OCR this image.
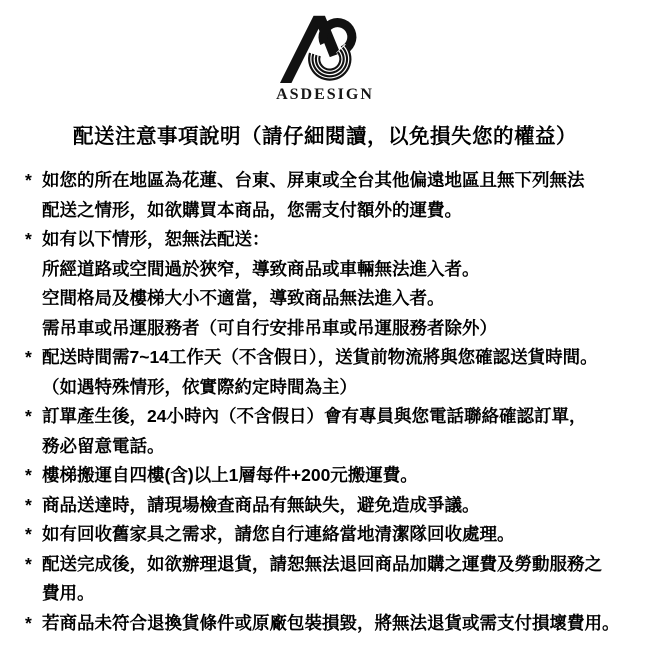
ASDESIGN
配送注意事項說明（請仔細閱讀，以免損失您的權益）
* 如您的所在地區為花蓮、台東、屏東或全台其他偏遠地區且無下列無法
配送之情形，如欲購買本商品，您需支付額外的運費。
* 如有以下情形，恕無法配送：
所經道路或空間過於狹窄，導致商品或車輛無法進入者。
空間格局及樓梯大小不適當，導致商品無法進入者。
需吊車或吊運服務者（可自行安排吊車或吊運服務者除外）
* 配送時間需7~14工作天（不含假日），送貨前物流將與您確認送貨時間。
（如遇特殊情形，依實際約定時間為主）
* 訂單產生後，24小時內（不含假日）會有專員與您電話聯絡確認訂單，
務必留意電話。
* 樓梯搬運自四樓(含)以上1層每件+200元搬運費。
* 商品送達時，請現場檢查商品有無缺失，避免造成爭議。
* 如有回收舊家具之需求，請您自行連絡當地清潔隊回收處理。
* 配送完成後，如欲辦理退貨，請恕無法退回商品加購之運費及勞動服務之
費用。
* 若商品未符合退換貨條件或原廠包裝損毀，將無法退貨或需支付損壞費用。
